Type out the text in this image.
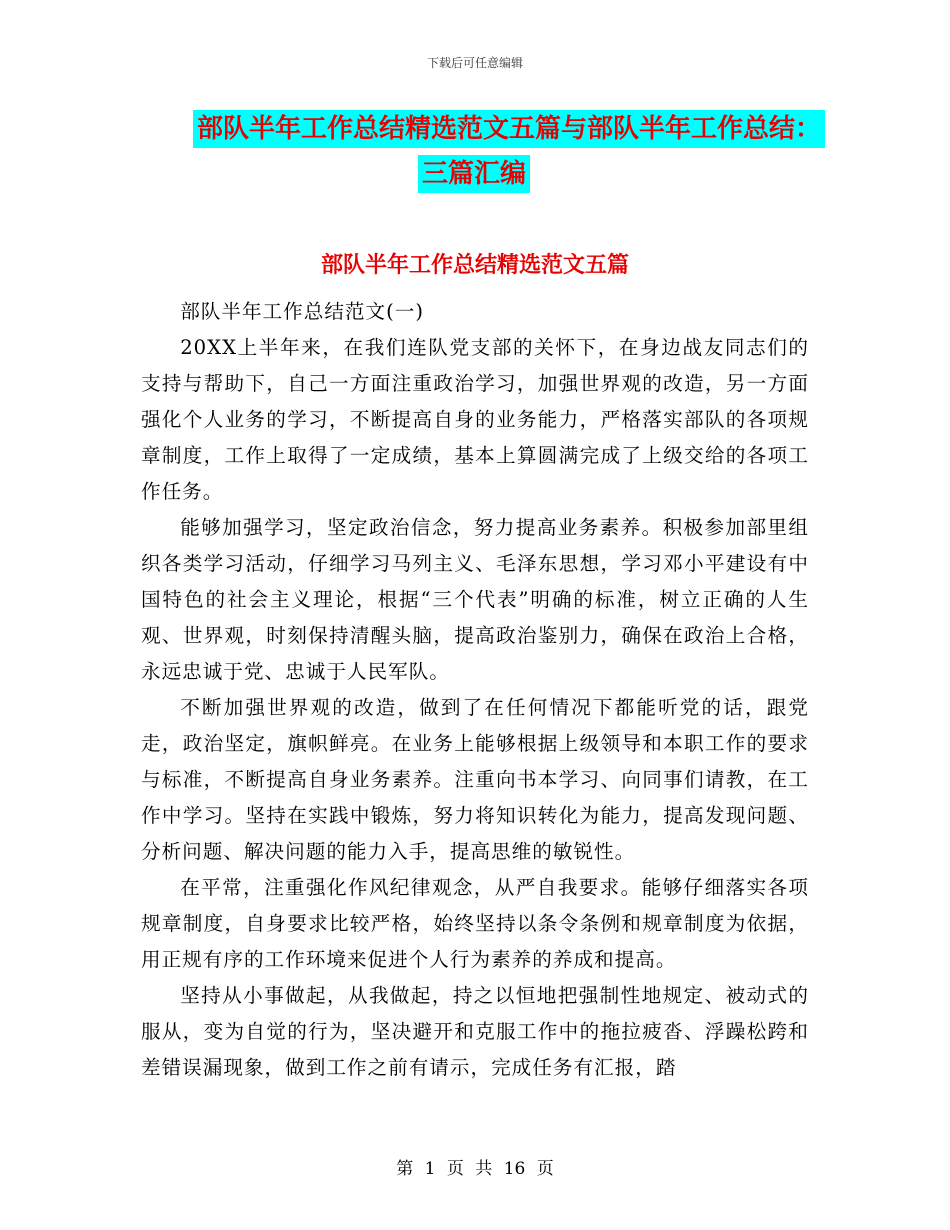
下载后可任意编辑
部队半年工作总结精选范文五篇与部队半年工作总结：
三篇汇编
部队半年工作总结精选范文五篇

部队半年工作总结范文(一)

20XX上半年来，在我们连队党支部的关怀下，在身边战友同志们的支持与帮助下，自己一方面注重政治学习，加强世界观的改造，另一方面强化个人业务的学习，不断提高自身的业务能力，严格落实部队的各项规章制度，工作上取得了一定成绩，基本上算圆满完成了上级交给的各项工作任务。

能够加强学习，坚定政治信念，努力提高业务素养。积极参加部里组织各类学习活动，仔细学习马列主义、毛泽东思想，学习邓小平建设有中国特色的社会主义理论，根据“三个代表”明确的标准，树立正确的人生观、世界观，时刻保持清醒头脑，提高政治鉴别力，确保在政治上合格，永远忠诚于党、忠诚于人民军队。

不断加强世界观的改造，做到了在任何情况下都能听党的话，跟党走，政治坚定，旗帜鲜亮。在业务上能够根据上级领导和本职工作的要求与标准，不断提高自身业务素养。注重向书本学习、向同事们请教，在工作中学习。坚持在实践中锻炼，努力将知识转化为能力，提高发现问题、分析问题、解决问题的能力入手，提高思维的敏锐性。

在平常，注重强化作风纪律观念，从严自我要求。能够仔细落实各项规章制度，自身要求比较严格，始终坚持以条令条例和规章制度为依据，用正规有序的工作环境来促进个人行为素养的养成和提高。

坚持从小事做起，从我做起，持之以恒地把强制性地规定、被动式的服从，变为自觉的行为，坚决避开和克服工作中的拖拉疲沓、浮躁松跨和差错误漏现象，做到工作之前有请示，完成任务有汇报，踏

第 1 页 共 16 页
